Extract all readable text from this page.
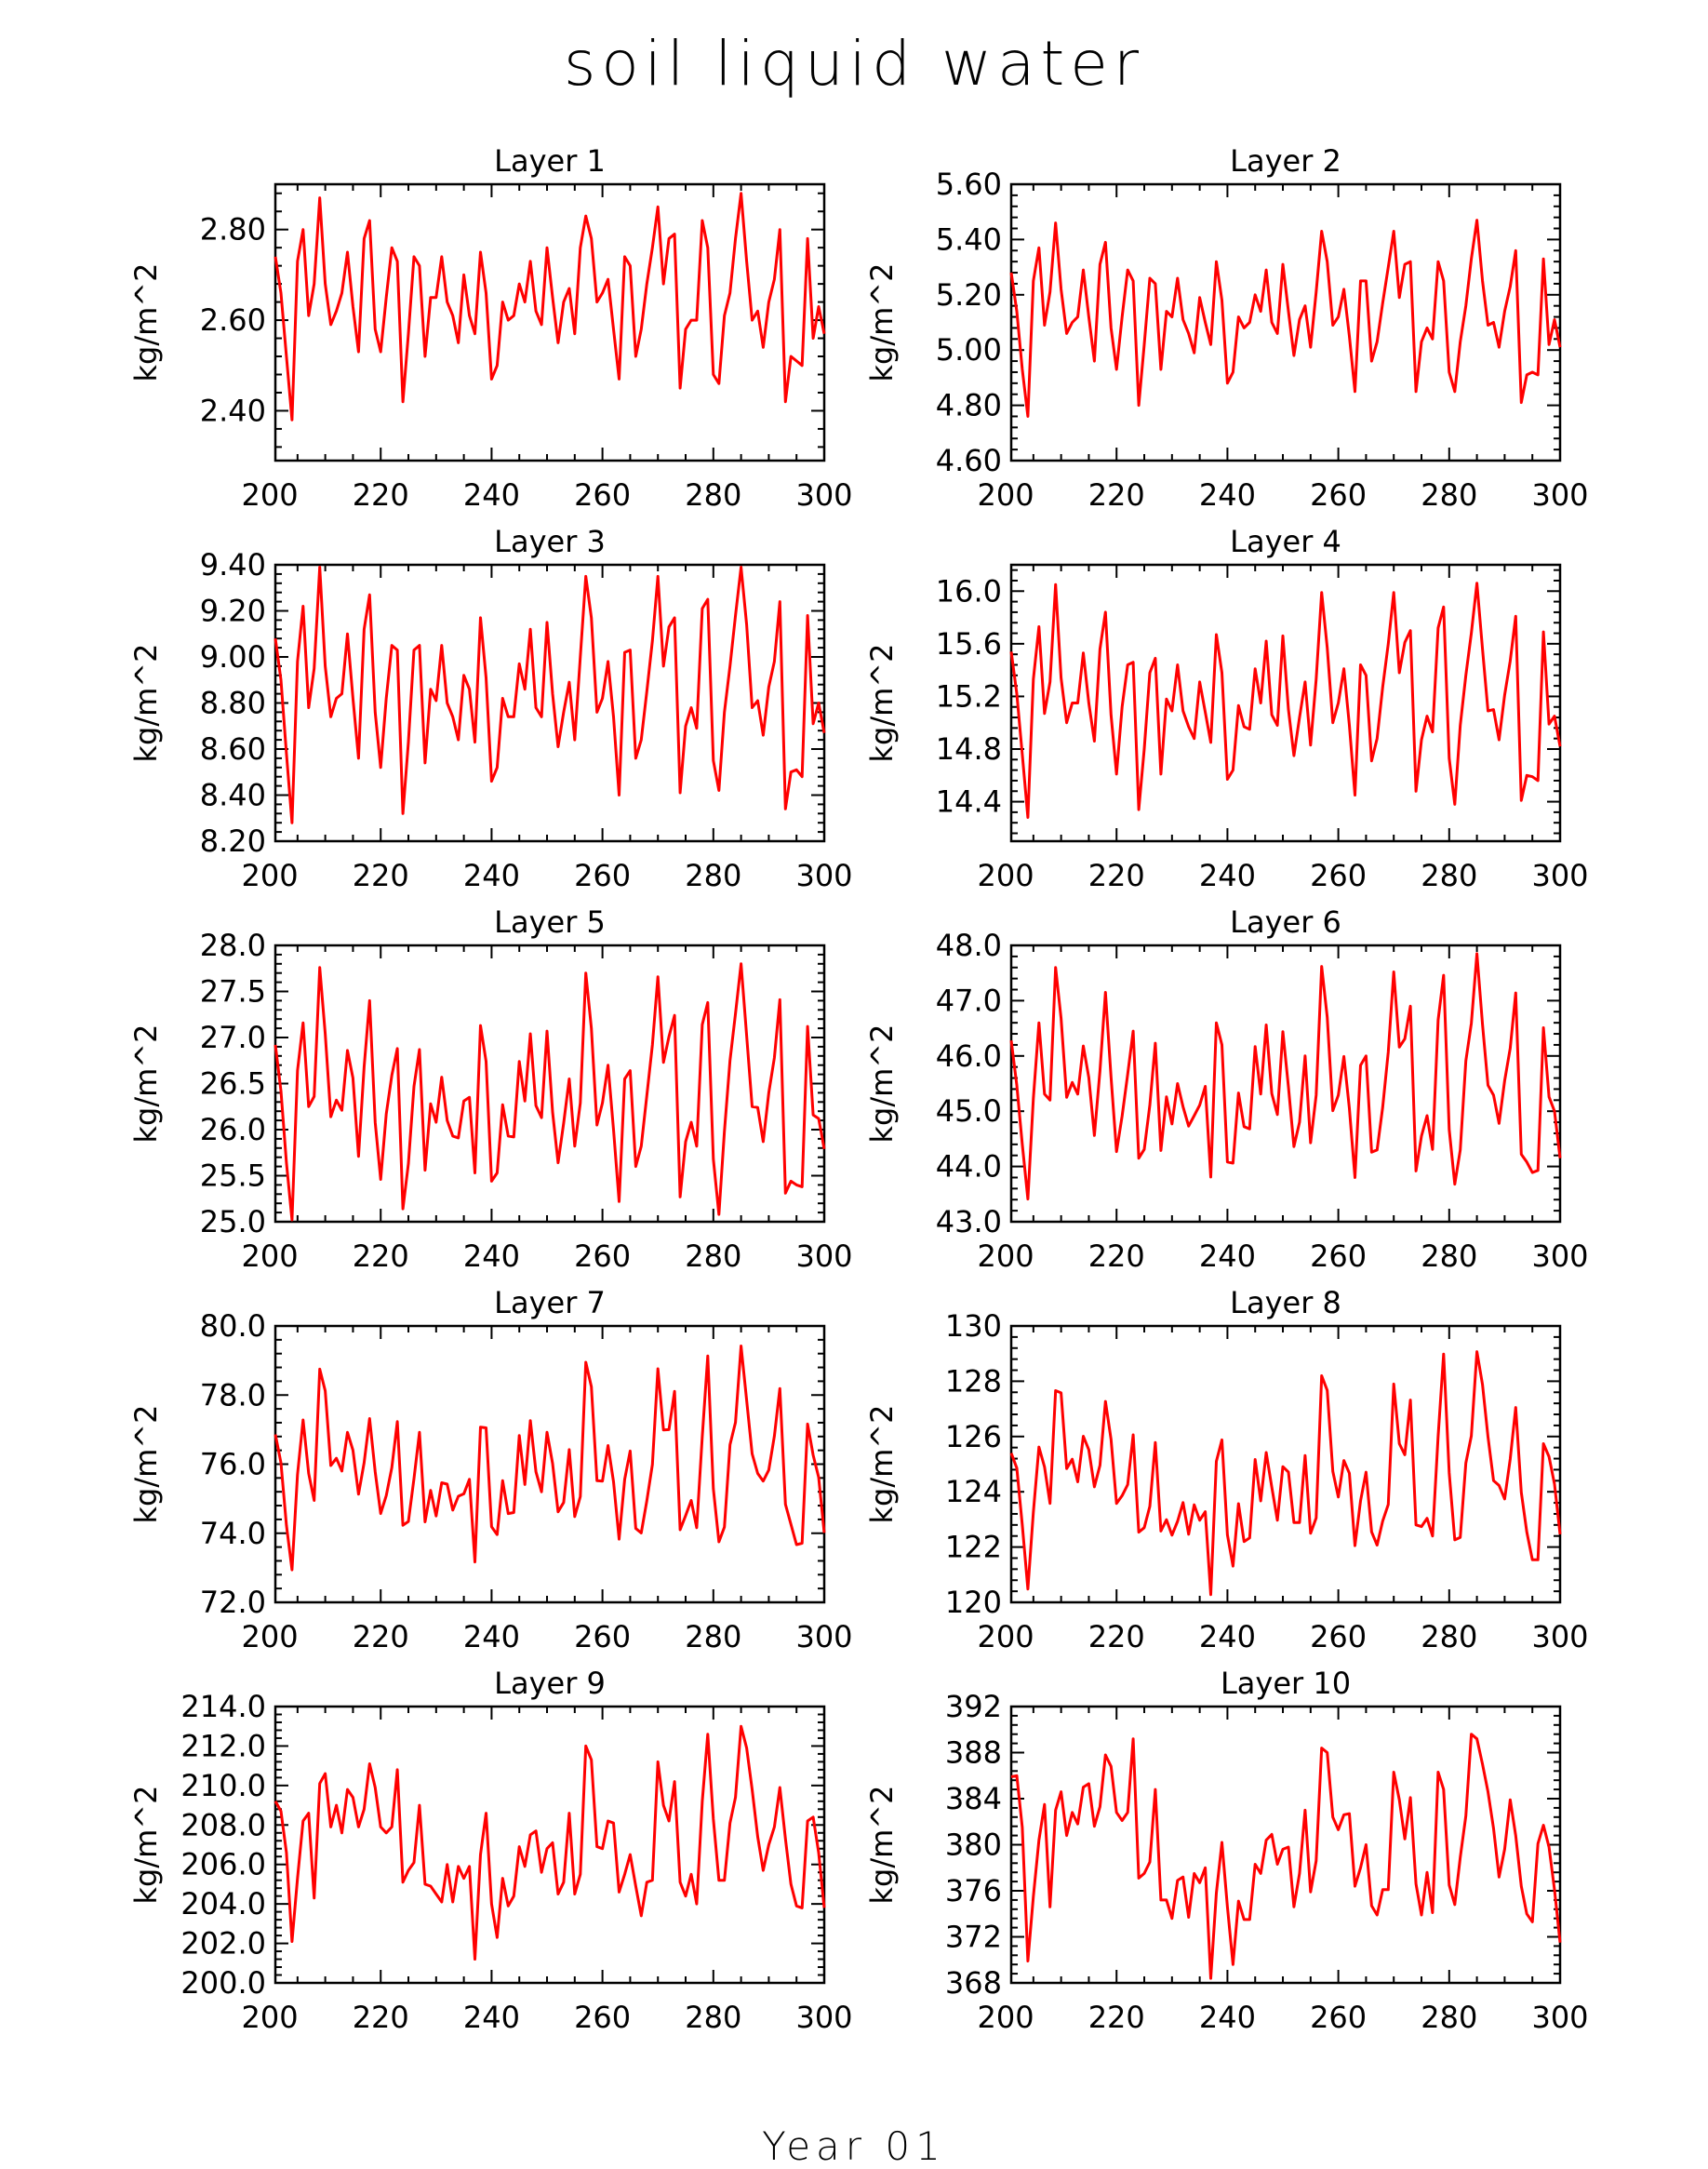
soil liquid water
200 220 240 260 280 300
2.40
2.60
2.80
Layer 1
kg/m^2
200 220 240 260 280 300
4.60
4.80
5.00
5.20
5.40
5.60
Layer 2
kg/m^2
200 220 240 260 280 300
8.20
8.40
8.60
8.80
9.00
9.20
9.40
Layer 3
kg/m^2
200 220 240 260 280 300
14.4
14.8
15.2
15.6
16.0
Layer 4
kg/m^2
200 220 240 260 280 300
25.0
25.5
26.0
26.5
27.0
27.5
28.0
Layer 5
kg/m^2
200 220 240 260 280 300
43.0
44.0
45.0
46.0
47.0
48.0
Layer 6
kg/m^2
200 220 240 260 280 300
72.0
74.0
76.0
78.0
80.0
Layer 7
kg/m^2
200 220 240 260 280 300
120
122
124
126
128
130
Layer 8
kg/m^2
200 220 240 260 280 300
200.0
202.0
204.0
206.0
208.0
210.0
212.0
214.0
Layer 9
kg/m^2
200 220 240 260 280 300
368
372
376
380
384
388
392
Layer 10
kg/m^2
Year 01
